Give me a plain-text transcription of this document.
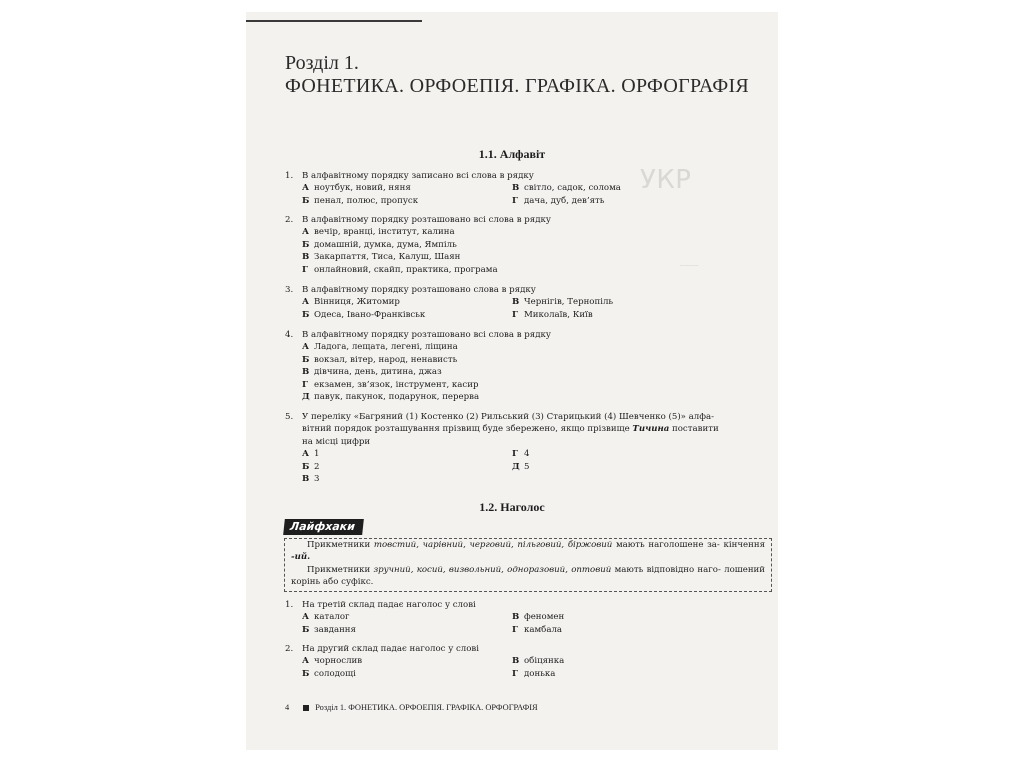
УКР
────
Розділ 1.
ФОНЕТИКА. ОРФОЕПІЯ. ГРАФІКА. ОРФОГРАФІЯ
1.1. Алфавіт
1. В алфавітному порядку записано всі слова в рядку
А ноутбук, новий, няня	В світло, садок, солома
Б пенал, полюс, пропуск	Г дача, дуб, дев’ять
2. В алфавітному порядку розташовано всі слова в рядку
А вечір, вранці, інститут, калина
Б домашній, думка, дума, Ямпіль
В Закарпаття, Тиса, Калуш, Шаян
Г онлайновий, скайп, практика, програма
3. В алфавітному порядку розташовано слова в рядку
А Вінниця, Житомир	В Чернігів, Тернопіль
Б Одеса, Івано-Франківськ	Г Миколаїв, Київ
4. В алфавітному порядку розташовано всі слова в рядку
А Ладога, лещата, легені, ліщина
Б вокзал, вітер, народ, ненависть
В дівчина, день, дитина, джаз
Г екзамен, зв’язок, інструмент, касир
Д павук, пакунок, подарунок, перерва
5. У переліку «Багряний (1) Костенко (2) Рильський (3) Старицький (4) Шевченко (5)» алфа-
вітний порядок розташування прізвищ буде збережено, якщо прізвище Тичина поставити
на місці цифри
А 1	Г 4
Б 2	Д 5
В 3
1.2. Наголос
Лайфхаки

Прикметники товстий, чарівний, черговий, пільговий, біржовий мають наголошене за- кінчення -ий.

Прикметники зручний, косий, визвольний, одноразовий, оптовий мають відповідно наго- лошений корінь або суфікс.

1. На третій склад падає наголос у слові
А каталог	В феномен
Б завдання	Г камбала
2. На другий склад падає наголос у слові
А чорнослив	В обіцянка
Б солодощі	Г донька
4	Розділ 1. ФОНЕТИКА. ОРФОЕПІЯ. ГРАФІКА. ОРФОГРАФІЯ
